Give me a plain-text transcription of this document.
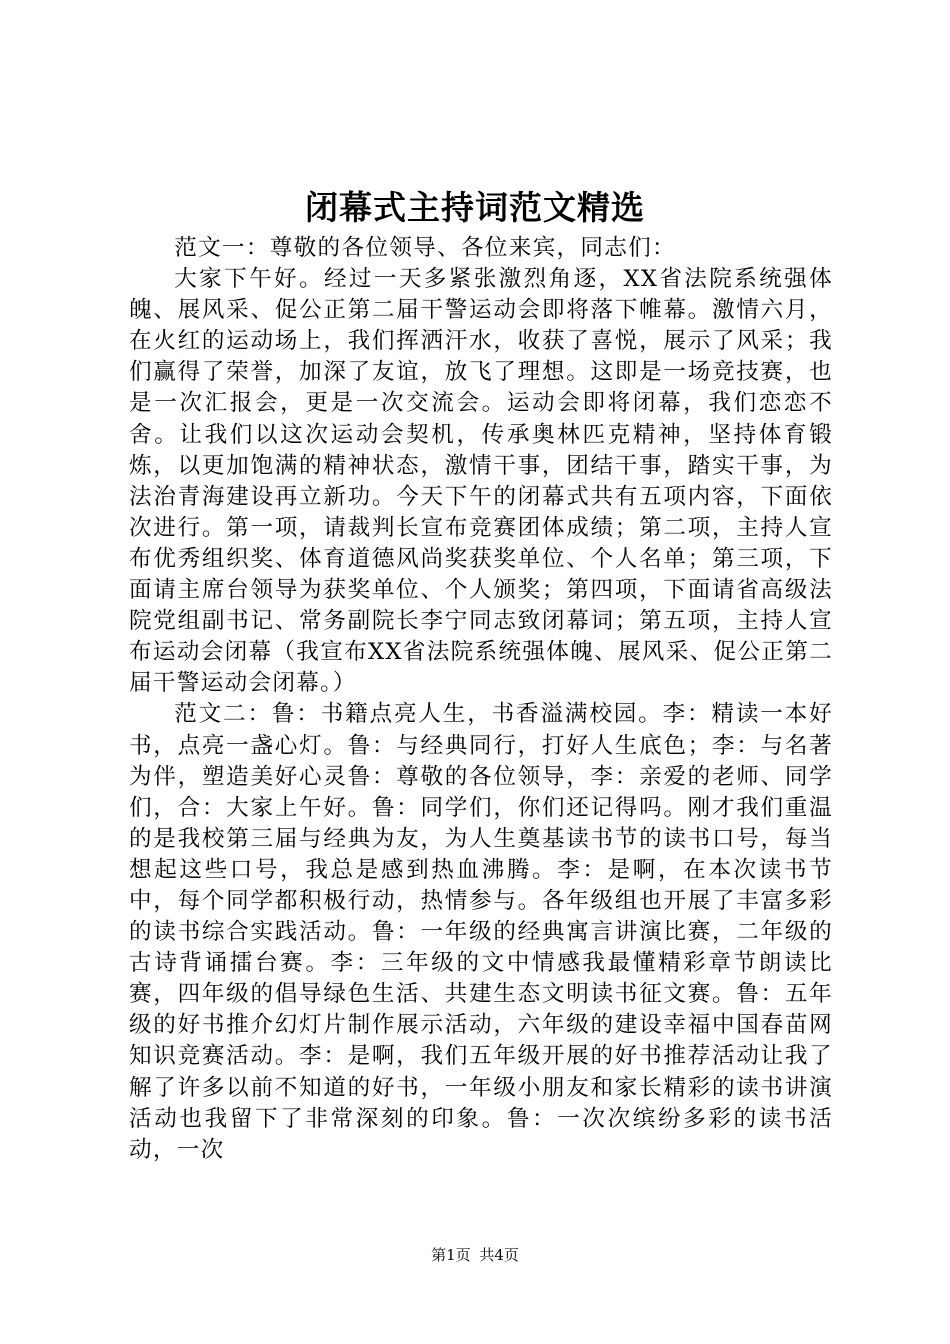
闭幕式主持词范文精选

范文一：尊敬的各位领导、各位来宾，同志们：

大家下午好。经过一天多紧张激烈角逐，XX省法院系统强体魄、展风采、促公正第二届干警运动会即将落下帷幕。激情六月，在火红的运动场上，我们挥洒汗水，收获了喜悦，展示了风采；我们赢得了荣誉，加深了友谊，放飞了理想。这即是一场竞技赛，也是一次汇报会，更是一次交流会。运动会即将闭幕，我们恋恋不舍。让我们以这次运动会契机，传承奥林匹克精神，坚持体育锻炼，以更加饱满的精神状态，激情干事，团结干事，踏实干事，为法治青海建设再立新功。今天下午的闭幕式共有五项内容，下面依次进行。第一项，请裁判长宣布竞赛团体成绩；第二项，主持人宣布优秀组织奖、体育道德风尚奖获奖单位、个人名单；第三项，下面请主席台领导为获奖单位、个人颁奖；第四项，下面请省高级法院党组副书记、常务副院长李宁同志致闭幕词；第五项，主持人宣布运动会闭幕（我宣布XX省法院系统强体魄、展风采、促公正第二届干警运动会闭幕。）

范文二：鲁：书籍点亮人生，书香溢满校园。李：精读一本好书，点亮一盏心灯。鲁：与经典同行，打好人生底色；李：与名著为伴，塑造美好心灵鲁：尊敬的各位领导，李：亲爱的老师、同学们，合：大家上午好。鲁：同学们，你们还记得吗。刚才我们重温的是我校第三届与经典为友，为人生奠基读书节的读书口号，每当想起这些口号，我总是感到热血沸腾。李：是啊，在本次读书节中，每个同学都积极行动，热情参与。各年级组也开展了丰富多彩的读书综合实践活动。鲁：一年级的经典寓言讲演比赛，二年级的古诗背诵擂台赛。李：三年级的文中情感我最懂精彩章节朗读比赛，四年级的倡导绿色生活、共建生态文明读书征文赛。鲁：五年级的好书推介幻灯片制作展示活动，六年级的建设幸福中国春苗网知识竞赛活动。李：是啊，我们五年级开展的好书推荐活动让我了解了许多以前不知道的好书，一年级小朋友和家长精彩的读书讲演活动也我留下了非常深刻的印象。鲁：一次次缤纷多彩的读书活动，一次

第1页 共4页
